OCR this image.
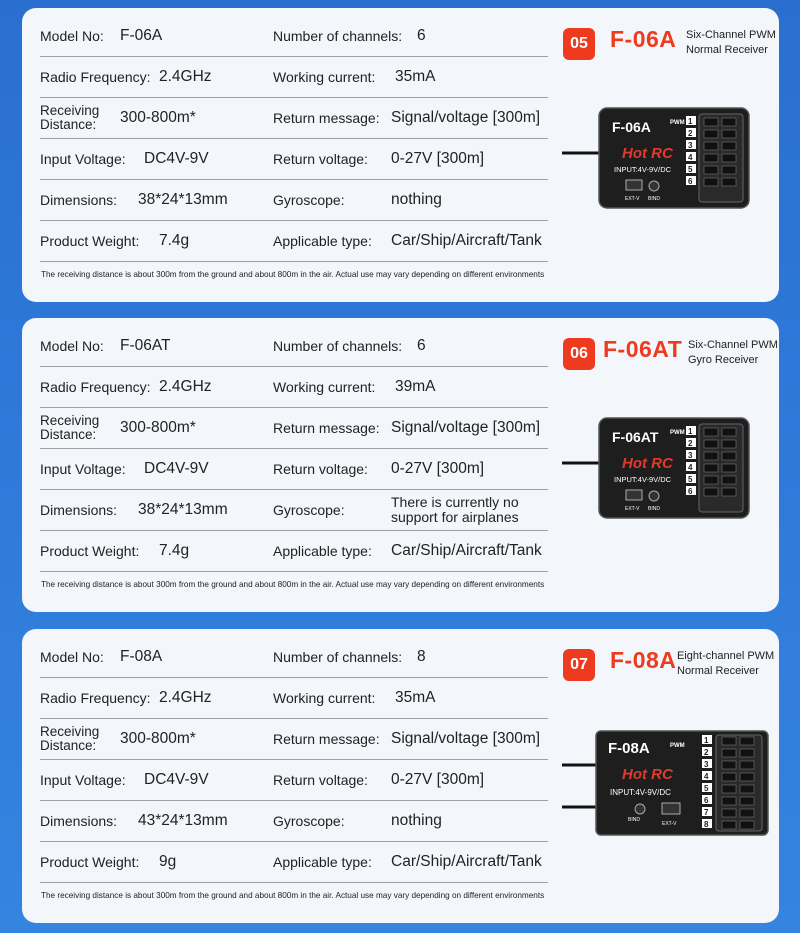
Model No: F-06A	Number of channels: 6
Radio Frequency: 2.4GHz	Working current: 35mA
Receiving Distance:	300-800m*	Return message: Signal/voltage [300m]
Input Voltage: DC4V-9V	Return voltage: 0-27V [300m]
Dimensions: 38*24*13mm	Gyroscope:	nothing
Product Weight: 7.4g	Applicable type: Car/Ship/Aircraft/Tank
The receiving distance is about 300m from the ground and about 800m in the air. Actual use may vary depending on different environments
05 F-06A Six-Channel PWM
Normal Receiver
F-06A	PWM
Hot RC
INPUT:4V-9V/DC
EXT-V BIND
1
2
3
4
5
6
Model No: F-06AT	Number of channels: 6
Radio Frequency: 2.4GHz	Working current: 39mA
Receiving Distance:	300-800m*	Return message: Signal/voltage [300m]
Input Voltage: DC4V-9V	Return voltage: 0-27V [300m]
Dimensions: 38*24*13mm	Gyroscope:	There is currently no support for airplanes
Product Weight: 7.4g	Applicable type: Car/Ship/Aircraft/Tank
The receiving distance is about 300m from the ground and about 800m in the air. Actual use may vary depending on different environments
06 F-06AT Six-Channel PWM
Gyro Receiver
F-06AT PWM
Hot RC
INPUT:4V-9V/DC
EXT-V BIND
1
2
3
4
5
6
Model No: F-08A	Number of channels: 8
Radio Frequency: 2.4GHz	Working current: 35mA
Receiving Distance:	300-800m*	Return message: Signal/voltage [300m]
Input Voltage: DC4V-9V	Return voltage: 0-27V [300m]
Dimensions: 43*24*13mm	Gyroscope:	nothing
Product Weight: 9g	Applicable type: Car/Ship/Aircraft/Tank
The receiving distance is about 300m from the ground and about 800m in the air. Actual use may vary depending on different environments
07 F-08A Eight-channel PWM
Normal Receiver
F-08A	PWM
Hot RC
INPUT:4V-9V/DC
BIND
EXT-V
1
2
3
4
5
6
7
8
